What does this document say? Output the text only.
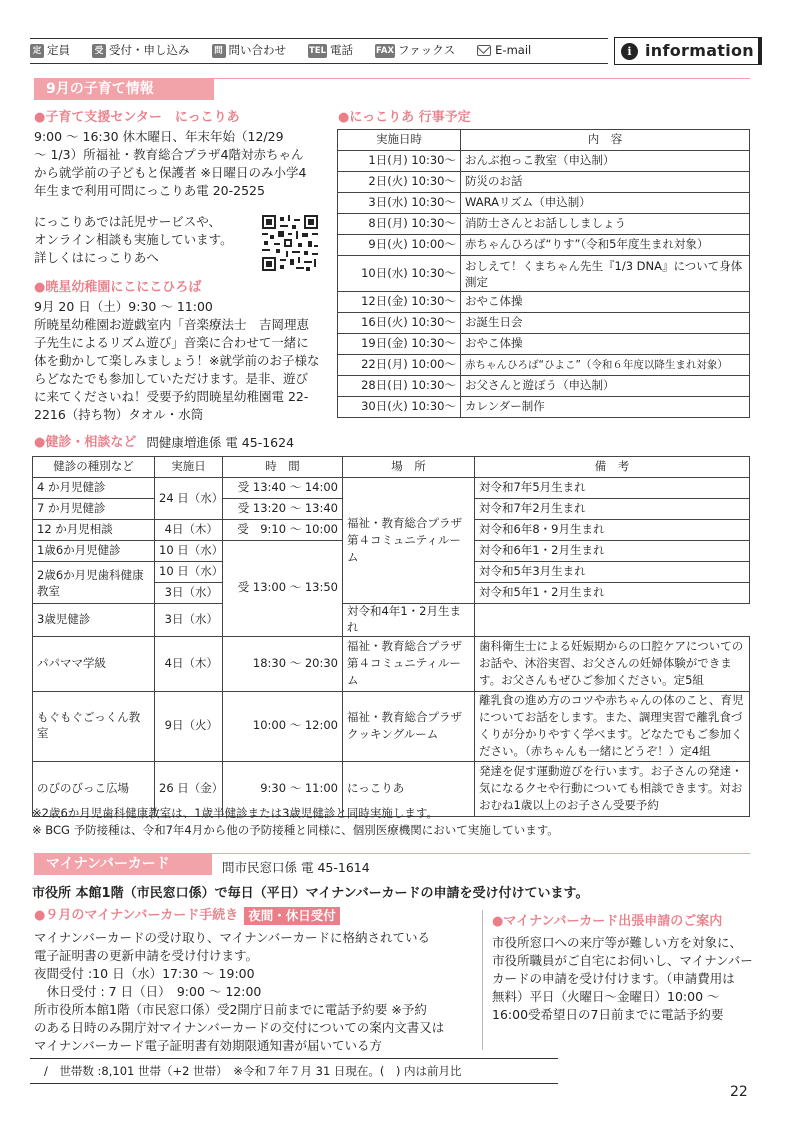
定 定員	受 受付・申し込み	問 問い合わせ	TEL 電話	FAX ファックス	E-mail	i information
9月の子育て情報
●子育て支援センター　にっこりあ
9:00 ～ 16:30 休木曜日、年末年始（12/29
～ 1/3）所福祉・教育総合プラザ4階対赤ちゃん
から就学前の子どもと保護者 ※日曜日のみ小学4
年生まで利用可問にっこりあ電 20-2525
にっこりあでは託児サービスや、
オンライン相談も実施しています。
詳しくはにっこりあへ
●暁星幼稚園にこにこひろば
9月 20 日（土）9:30 ～ 11:00
所暁星幼稚園お遊戯室内「音楽療法士　吉岡理恵
子先生によるリズム遊び」音楽に合わせて一緒に
体を動かして楽しみましょう！※就学前のお子様な
らどなたでも参加していただけます。是非、遊び
に来てくださいね！受要予約問暁星幼稚園電 22-
2216（持ち物）タオル・水筒
●にっこりあ 行事予定
実施日時	内　容
1日(月) 10:30～	おんぶ抱っこ教室（申込制）
2日(火) 10:30～	防災のお話
3日(水) 10:30～	WARAリズム（申込制）
8日(月) 10:30～	消防士さんとお話ししましょう
9日(火) 10:00～	赤ちゃんひろば“りす”（令和5年度生まれ対象）
10日(水) 10:30～	おしえて！くまちゃん先生『1/3 DNA』について身体測定
12日(金) 10:30～	おやこ体操
16日(火) 10:30～	お誕生日会
19日(金) 10:30～	おやこ体操
22日(月) 10:00～	赤ちゃんひろば“ひよこ”（令和６年度以降生まれ対象）
28日(日) 10:30～	お父さんと遊ぼう（申込制）
30日(火) 10:30～	カレンダー制作
●健診・相談など 問健康増進係 電 45-1624
健診の種別など	実施日	時　間	場　所	備　考
4 か月児健診	24 日（水）	受 13:40 ～ 14:00	福祉・教育総合プラザ第４コミュニティルーム	対令和7年5月生まれ
7 か月児健診		受 13:20 ～ 13:40		対令和7年2月生まれ
12 か月児相談	4日（木）	受　9:10 ～ 10:00		対令和6年8・9月生まれ
1歳6か月児健診	10 日（水）	受 13:00 ～ 13:50		対令和6年1・2月生まれ
2歳6か月児歯科健康教室	10 日（水）			対令和5年3月生まれ
	3日（水）			対令和5年1・2月生まれ
3歳児健診	3日（水）		対令和4年1・2月生まれ	
パパママ学級	4日（木）	18:30 ～ 20:30	福祉・教育総合プラザ第４コミュニティルーム	歯科衛生士による妊娠期からの口腔ケアについてのお話や、沐浴実習、お父さんの妊婦体験ができます。お父さんもぜひご参加ください。定5組
もぐもぐごっくん教室	9日（火）	10:00 ～ 12:00	福祉・教育総合プラザクッキングルーム	離乳食の進め方のコツや赤ちゃんの体のこと、育児についてお話をします。また、調理実習で離乳食づくりが分かりやすく学べます。どなたでもご参加ください。（赤ちゃんも一緒にどうぞ！）定4組
のびのびっこ広場	26 日（金）	9:30 ～ 11:00	にっこりあ	発達を促す運動遊びを行います。お子さんの発達・気になるクセや行動についても相談できます。対おおむね1歳以上のお子さん受要予約
※2歳6か月児歯科健康教室は、1歳半健診または3歳児健診と同時実施します。
※ BCG 予防接種は、令和7年4月から他の予防接種と同様に、個別医療機関において実施しています。
マイナンバーカード	問市民窓口係 電 45-1614
市役所 本館1階（市民窓口係）で毎日（平日）マイナンバーカードの申請を受け付けています。
●９月のマイナンバーカード手続き 夜間・休日受付
マイナンバーカードの受け取り、マイナンバーカードに格納されている
電子証明書の更新申請を受け付けます。
夜間受付 :10 日（水）17:30 ～ 19:00
　休日受付 : 7 日（日）　9:00 ～ 12:00
所市役所本館1階（市民窓口係）受2開庁日前までに電話予約要 ※予約
のある日時のみ開庁対マイナンバーカードの交付についての案内文書又は
マイナンバーカード電子証明書有効期限通知書が届いている方
●マイナンバーカード出張申請のご案内
市役所窓口への来庁等が難しい方を対象に、
市役所職員がご自宅にお伺いし、マイナンバー
カードの申請を受け付けます。（申請費用は
無料）平日（火曜日～金曜日）10:00 ～
16:00受希望日の7日前までに電話予約要
/　世帯数 :8,101 世帯（+2 世帯）　※令和７年７月 31 日現在。(　) 内は前月比
22
